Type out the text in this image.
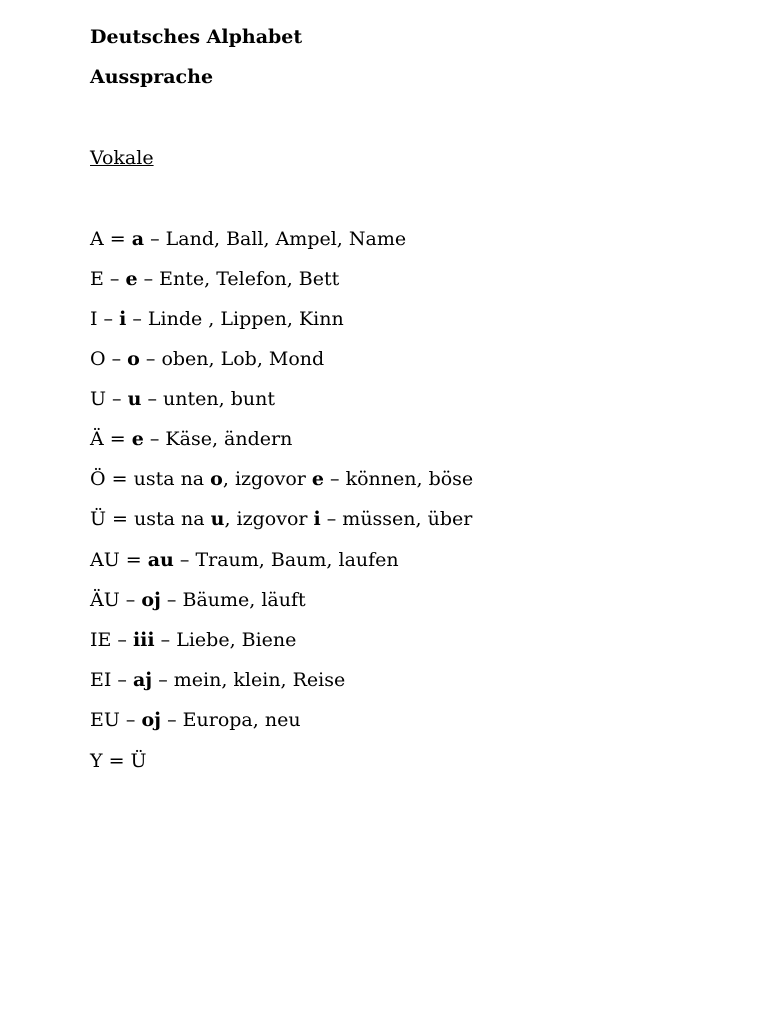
Deutsches Alphabet
Aussprache
Vokale
A = a – Land, Ball, Ampel, Name
E – e – Ente, Telefon, Bett
I – i – Linde , Lippen, Kinn
O – o – oben, Lob, Mond
U – u – unten, bunt
Ä = e – Käse, ändern
Ö = usta na o, izgovor e – können, böse
Ü = usta na u, izgovor i – müssen, über
AU = au – Traum, Baum, laufen
ÄU – oj – Bäume, läuft
IE – iii – Liebe, Biene
EI – aj – mein, klein, Reise
EU – oj – Europa, neu
Y = Ü
